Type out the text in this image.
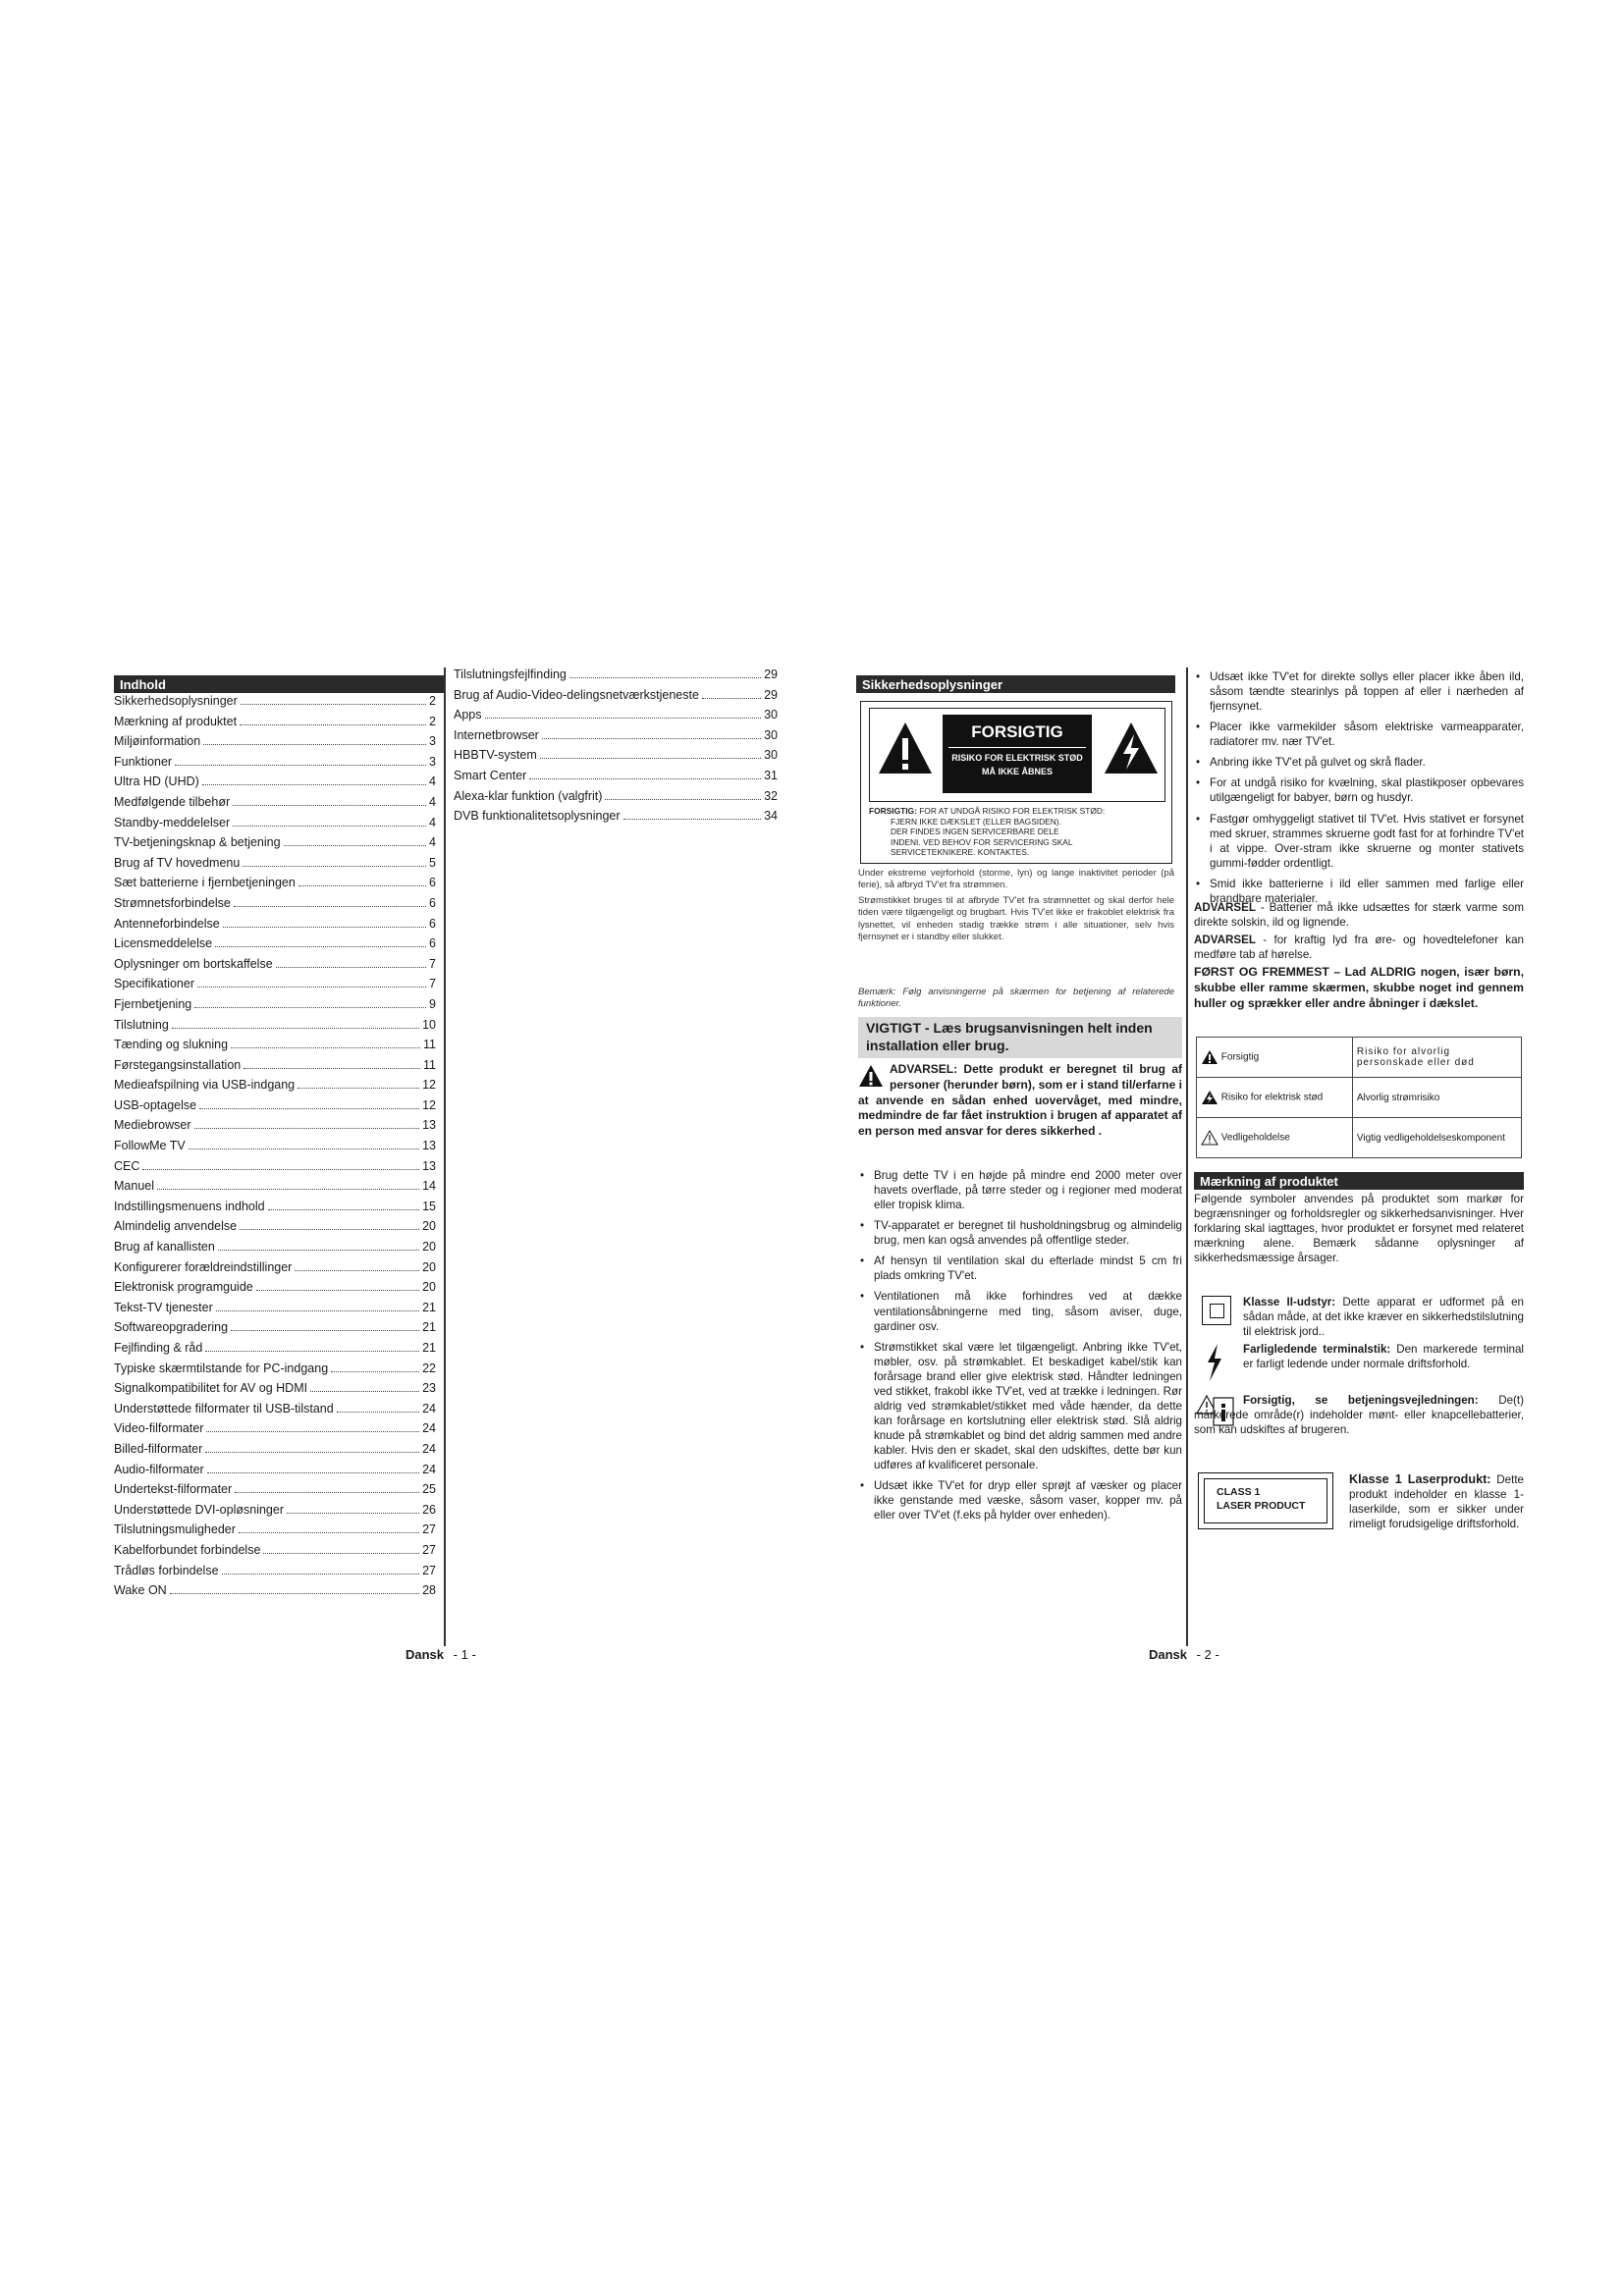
Indhold
Sikkerhedsoplysninger	2
Mærkning af produktet	2
Miljøinformation	3
Funktioner	3
Ultra HD (UHD)	4
Medfølgende tilbehør	4
Standby-meddelelser	4
TV-betjeningsknap & betjening	4
Brug af TV hovedmenu	5
Sæt batterierne i fjernbetjeningen	6
Strømnetsforbindelse	6
Antenneforbindelse	6
Licensmeddelelse	6
Oplysninger om bortskaffelse	7
Specifikationer	7
Fjernbetjening	9
Tilslutning	10
Tænding og slukning	11
Førstegangsinstallation	11
Medieafspilning via USB-indgang	12
USB-optagelse	12
Mediebrowser	13
FollowMe TV	13
CEC	13
Manuel	14
Indstillingsmenuens indhold	15
Almindelig anvendelse	20
Brug af kanallisten	20
Konfigurerer forældreindstillinger	20
Elektronisk programguide	20
Tekst-TV tjenester	21
Softwareopgradering	21
Fejlfinding & råd	21
Typiske skærmtilstande for PC-indgang	22
Signalkompatibilitet for AV og HDMI	23
Understøttede filformater til USB-tilstand	24
Video-filformater	24
Billed-filformater	24
Audio-filformater	24
Undertekst-filformater	25
Understøttede DVI-opløsninger	26
Tilslutningsmuligheder	27
Kabelforbundet forbindelse	27
Trådløs forbindelse	27
Wake ON	28
Tilslutningsfejlfinding	29
Brug af Audio-Video-delingsnetværkstjeneste	29
Apps	30
Internetbrowser	30
HBBTV-system	30
Smart Center	31
Alexa-klar funktion (valgfrit)	32
DVB funktionalitetsoplysninger	34
Dansk - 1 -
Sikkerhedsoplysninger
FORSIGTIG
RISIKO FOR ELEKTRISK STØD
MÅ IKKE ÅBNES
FORSIGTIG: FOR AT UNDGÅ RISIKO FOR ELEKTRISK STØD:
FJERN IKKE DÆKSLET (ELLER BAGSIDEN).
DER FINDES INGEN SERVICERBARE DELE
INDENI. VED BEHOV FOR SERVICERING SKAL
SERVICETEKNIKERE. KONTAKTES.
Under ekstreme vejrforhold (storme, lyn) og lange inaktivitet perioder (på ferie), så afbryd TV'et fra strømmen.
Strømstikket bruges til at afbryde TV'et fra strømnettet og skal derfor hele tiden være tilgængeligt og brugbart. Hvis TV'et ikke er frakoblet elektrisk fra lysnettet, vil enheden stadig trække strøm i alle situationer, selv hvis fjernsynet er i standby eller slukket.
Bemærk: Følg anvisningerne på skærmen for betjening af relaterede funktioner.
VIGTIGT - Læs brugsanvisningen helt inden installation eller brug.
ADVARSEL: Dette produkt er beregnet til brug af personer (herunder børn), som er i stand til/erfarne i at anvende en sådan enhed uovervåget, med mindre, medmindre de far fået instruktion i brugen af apparatet af en person med ansvar for deres sikkerhed .
• Brug dette TV i en højde på mindre end 2000 meter over havets overflade, på tørre steder og i regioner med moderat eller tropisk klima.
• TV-apparatet er beregnet til husholdningsbrug og almindelig brug, men kan også anvendes på offentlige steder.
• Af hensyn til ventilation skal du efterlade mindst 5 cm fri plads omkring TV'et.
• Ventilationen må ikke forhindres ved at dække ventilationsåbningerne med ting, såsom aviser, duge, gardiner osv.
• Strømstikket skal være let tilgængeligt. Anbring ikke TV'et, møbler, osv. på strømkablet. Et beskadiget kabel/stik kan forårsage brand eller give elektrisk stød. Håndter ledningen ved stikket, frakobl ikke TV'et, ved at trække i ledningen. Rør aldrig ved strømkablet/stikket med våde hænder, da dette kan forårsage en kortslutning eller elektrisk stød. Slå aldrig knude på strømkablet og bind det aldrig sammen med andre kabler. Hvis den er skadet, skal den udskiftes, dette bør kun udføres af kvalificeret personale.
• Udsæt ikke TV'et for dryp eller sprøjt af væsker og placer ikke genstande med væske, såsom vaser, kopper mv. på eller over TV'et (f.eks på hylder over enheden).
• Udsæt ikke TV'et for direkte sollys eller placer ikke åben ild, såsom tændte stearinlys på toppen af eller i nærheden af fjernsynet.
• Placer ikke varmekilder såsom elektriske varmeapparater, radiatorer mv. nær TV'et.
• Anbring ikke TV'et på gulvet og skrå flader.
• For at undgå risiko for kvælning, skal plastikposer opbevares utilgængeligt for babyer, børn og husdyr.
• Fastgør omhyggeligt stativet til TV'et. Hvis stativet er forsynet med skruer, strammes skruerne godt fast for at forhindre TV'et i at vippe. Over-stram ikke skruerne og monter stativets gummi-fødder ordentligt.
• Smid ikke batterierne i ild eller sammen med farlige eller brandbare materialer.
ADVARSEL - Batterier må ikke udsættes for stærk varme som direkte solskin, ild og lignende.
ADVARSEL - for kraftig lyd fra øre- og hovedtelefoner kan medføre tab af hørelse.
FØRST OG FREMMEST – Lad ALDRIG nogen, især børn, skubbe eller ramme skærmen, skubbe noget ind gennem huller og sprækker eller andre åbninger i dækslet.
Forsigtig	Risiko for alvorlig personskade eller død
Risiko for elektrisk stød	Alvorlig strømrisiko
Vedligeholdelse	Vigtig vedligeholdelseskomponent
Mærkning af produktet
Følgende symboler anvendes på produktet som markør for begrænsninger og forholdsregler og sikkerhedsanvisninger. Hver forklaring skal iagttages, hvor produktet er forsynet med relateret mærkning alene. Bemærk sådanne oplysninger af sikkerhedsmæssige årsager.
Klasse II-udstyr: Dette apparat er udformet på en sådan måde, at det ikke kræver en sikkerhedstilslutning til elektrisk jord..
Farligledende terminalstik: Den markerede terminal er farligt ledende under normale driftsforhold.
Forsigtig, se betjeningsvejledningen: De(t) markerede område(r) indeholder mønt- eller knapcellebatterier, som kan udskiftes af brugeren.
CLASS 1
LASER PRODUCT
Klasse 1 Laserprodukt: Dette produkt indeholder en klasse 1-laserkilde, som er sikker under rimeligt forudsigelige driftsforhold.
Dansk - 2 -
